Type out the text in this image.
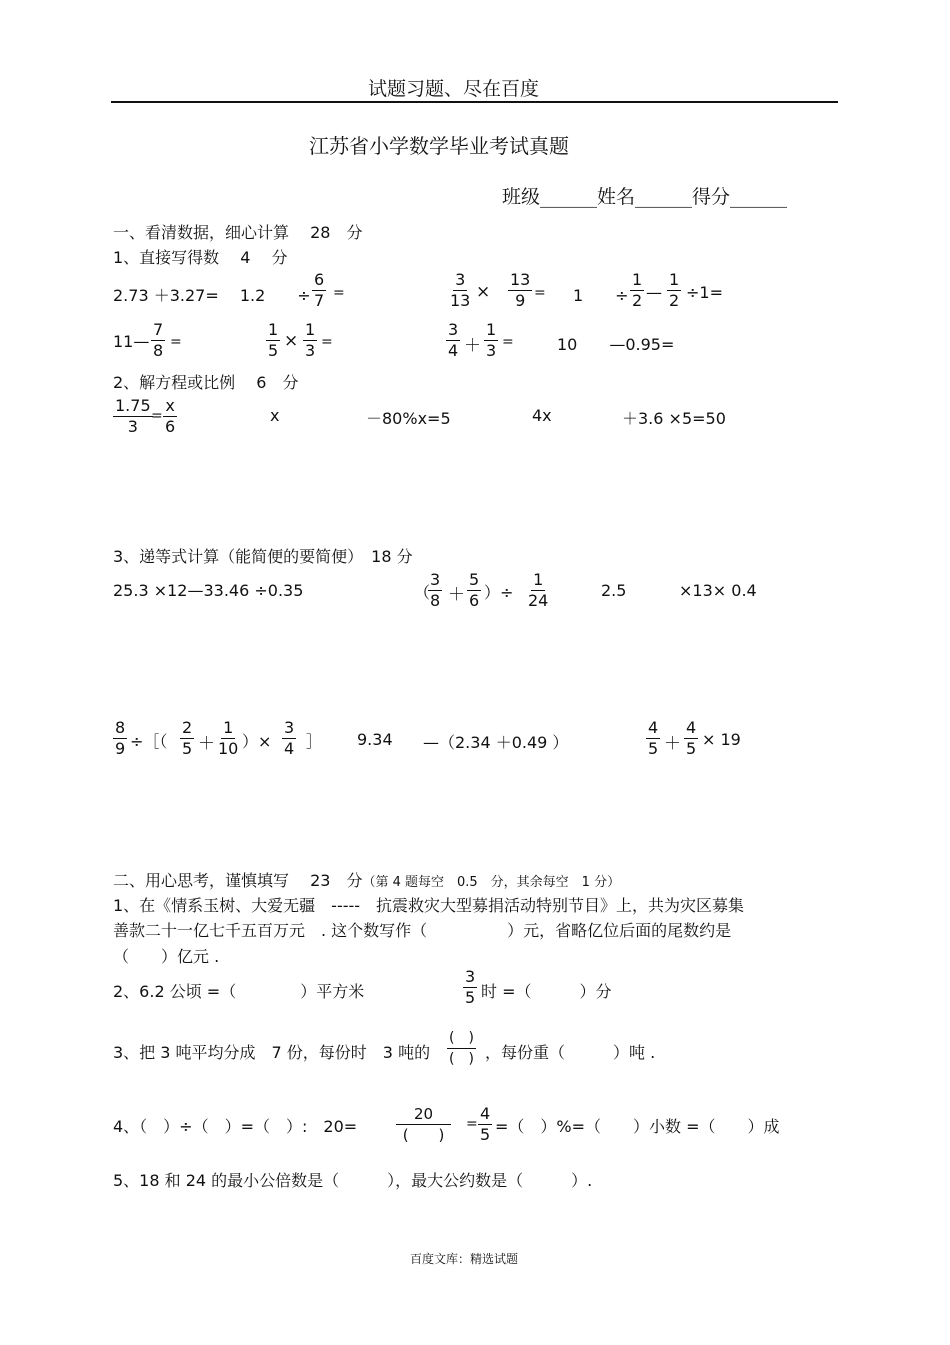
试题习题、尽在百度
江苏省小学数学毕业考试真题
班级______姓名______得分______
一、看清数据，细心计算　 28　分
1、直接写得数　 4　 分
2.73 ＋3.27=　 1.2　　÷ $\frac{6}{7}$ =	$\frac{3}{13} \times \frac{13}{9} = 1$　　÷ $\frac{1}{2}$ — $\frac{1}{2} \div 1=$
11— $\frac{7}{8}$ =	$\frac{1}{5} \times \frac{1}{3}$ =	$\frac{3}{4} + \frac{1}{3}$ =	10　　—0.95=
2、解方程或比例　 6　分
$\frac{1.75}{3}$
= $\frac{x}{6}$	x	－80%x=5	4x	＋3.6 ×5=50
3、递等式计算（能简便的要简便）　18 分
25.3 ×12—33.46 ÷0.35	（
$\frac{3}{8} + \frac{5}{6}$ ）÷ $\frac{1}{24}$	2.5	×13× 0.4
$\frac{8}{9}$ ÷［（ $\frac{2}{5} + \frac{1}{10}$ ）× $\frac{3}{4}$ ］ 9.34 —（2.34 ＋0.49 ）	$\frac{4}{5} + \frac{4}{5} \times 19$
二、用心思考，谨慎填写　 23　分（第 4 题每空　0.5　分，其余每空　1 分）
1、在《情系玉树、大爱无疆　-----　抗震救灾大型募捐活动特别节目》上，共为灾区募集
善款二十一亿七千五百万元　. 这个数写作（　　　　　）元，省略亿位后面的尾数约是
（　　）亿元 .
2、6.2 公顷 =（　　　　）平方米	$\frac{3}{5}$ 时 =（　　　）分
3、把 3 吨平均分成　7 份，每份时　3 吨的
(　)
(　) ，每份重（　　　）吨 .
4、（　）÷（　）=（　）:　20=
20
(　　)
= $\frac{4}{5}$ =（　）%=（　　）小数 =（　　）成
5、18 和 24 的最小公倍数是（　　　），最大公约数是（　　　）.
百度文库：精选试题
